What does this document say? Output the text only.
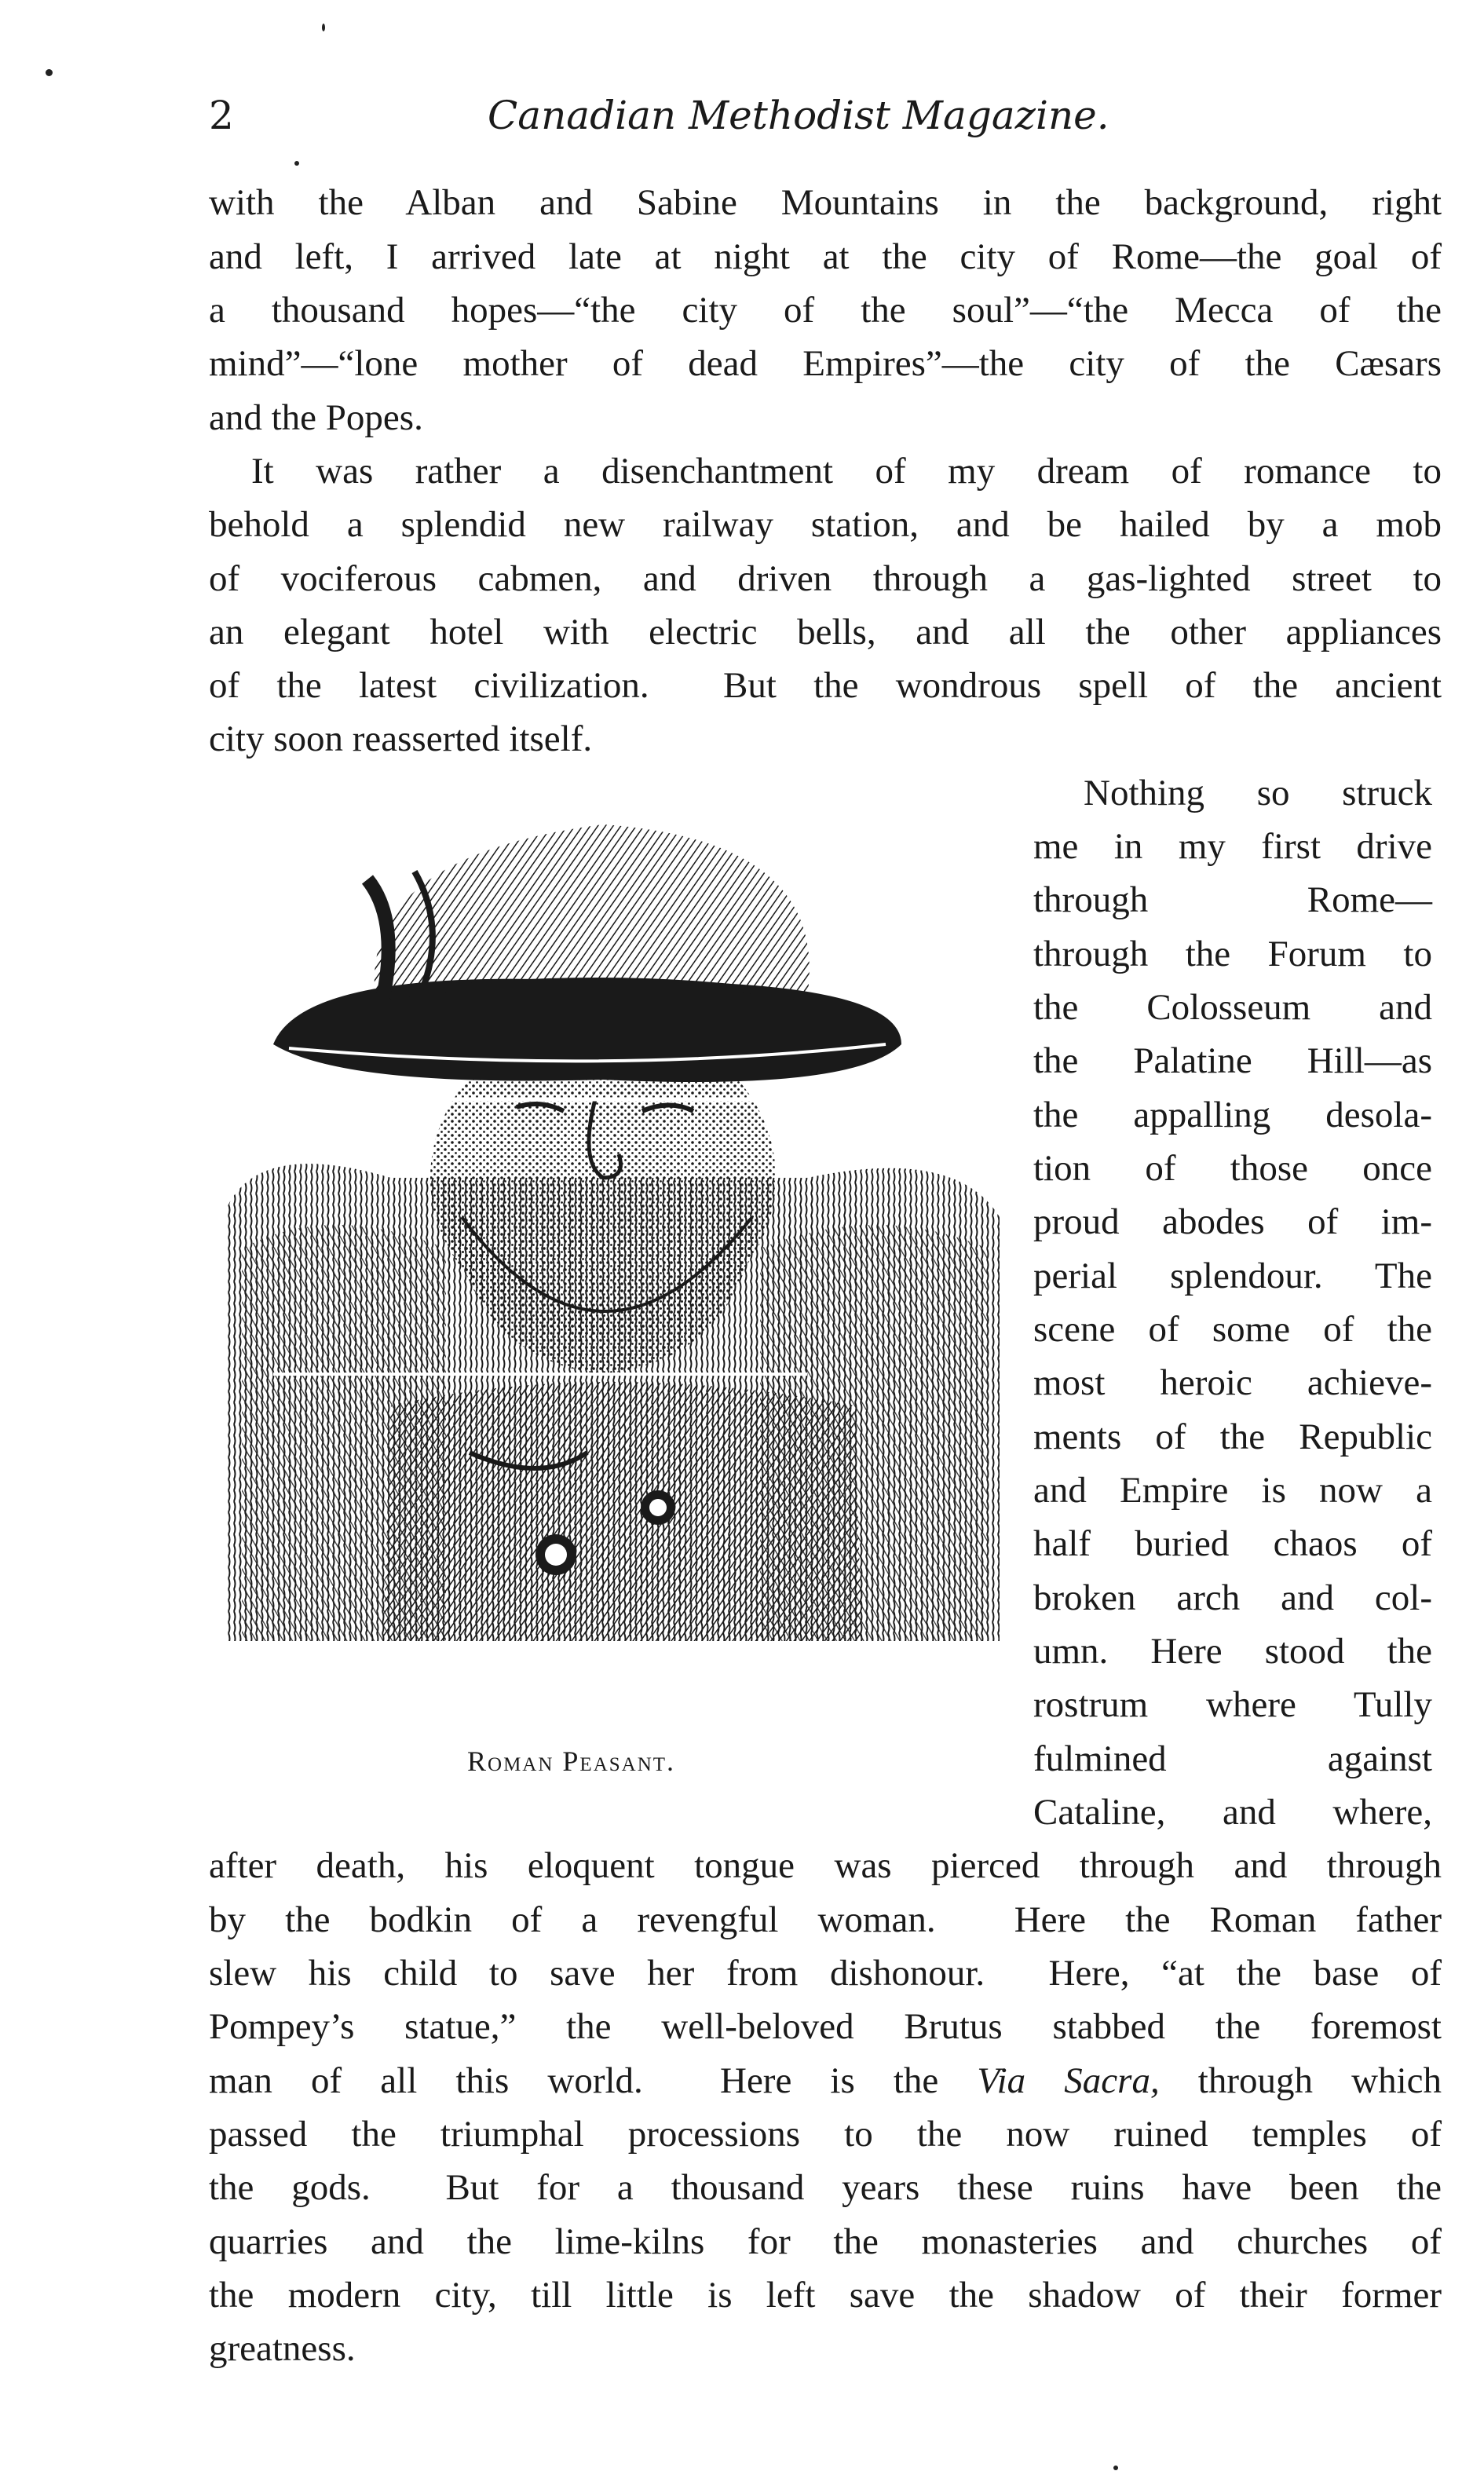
2	Canadian Methodist Magazine.
with the Alban and Sabine Mountains in the background, right
and left, I arrived late at night at the city of Rome—the goal of
a thousand hopes—“the city of the soul”—“the Mecca of the
mind”—“lone mother of dead Empires”—the city of the Cæsars
and the Popes.
It was rather a disenchantment of my dream of romance to
behold a splendid new railway station, and be hailed by a mob
of vociferous cabmen, and driven through a gas-lighted street to
an elegant hotel with electric bells, and all the other appliances
of the latest civilization.  But the wondrous spell of the ancient
city soon reasserted itself.
Nothing so struck
me in my first drive
through Rome—
through the Forum to
the Colosseum and
the Palatine Hill—as
the appalling desola-
tion of those once
proud abodes of im-
perial splendour. The
scene of some of the
most heroic achieve-
ments of the Republic
and Empire is now a
half buried chaos of
broken arch and col-
umn. Here stood the
rostrum where Tully
fulmined against
Cataline, and where,
after death, his eloquent tongue was pierced through and through
by the bodkin of a revengful woman.  Here the Roman father
slew his child to save her from dishonour.  Here, “at the base of
Pompey’s statue,” the well-beloved Brutus stabbed the foremost
man of all this world.  Here is the Via Sacra, through which
passed the triumphal processions to the now ruined temples of
the gods.  But for a thousand years these ruins have been the
quarries and the lime-kilns for the monasteries and churches of
the modern city, till little is left save the shadow of their former
greatness.
Roman Peasant.
